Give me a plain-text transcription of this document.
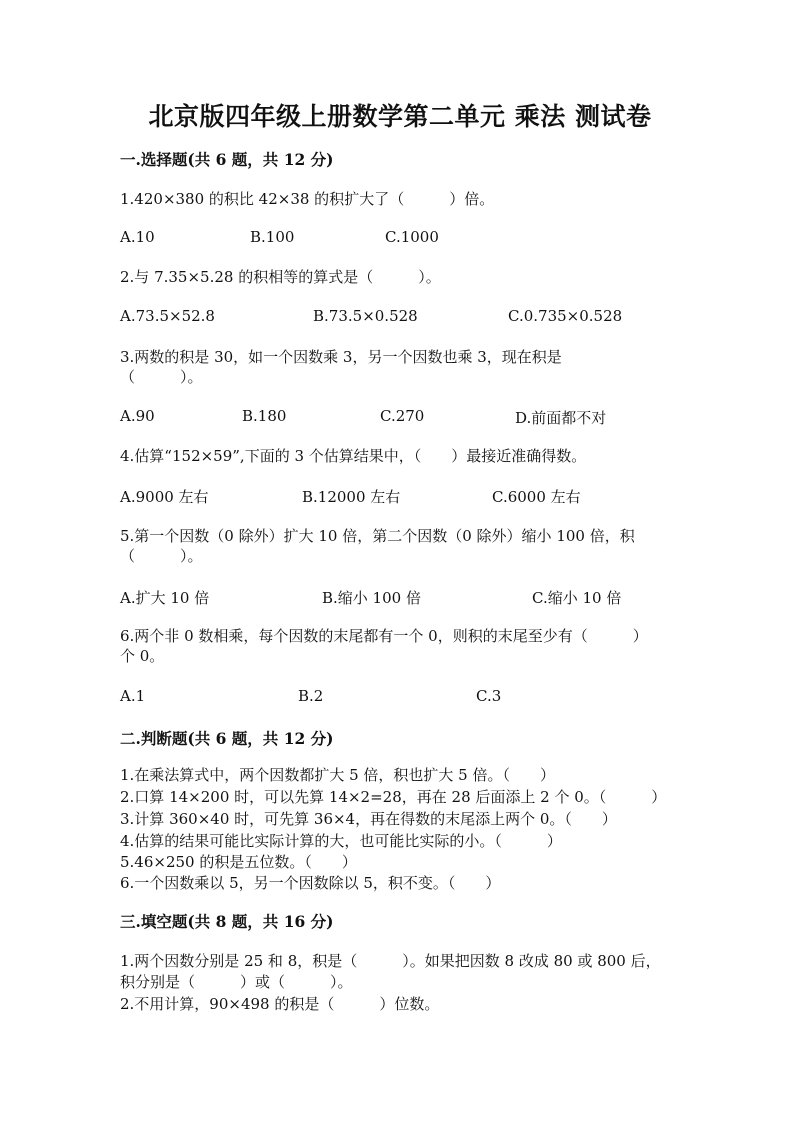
北京版四年级上册数学第二单元 乘法 测试卷
一.选择题(共 6 题，共 12 分)
1.420×380 的积比 42×38 的积扩大了（　　　）倍。
A.10	B.100	C.1000
2.与 7.35×5.28 的积相等的算式是（　　　）。
A.73.5×52.8	B.73.5×0.528	C.0.735×0.528
3.两数的积是 30，如一个因数乘 3，另一个因数也乘 3，现在积是
（　　　）。
A.90	B.180	C.270	D.前面都不对
4.估算“152×59”,下面的 3 个估算结果中，（　　）最接近准确得数。
A.9000 左右	B.12000 左右	C.6000 左右
5.第一个因数（0 除外）扩大 10 倍，第二个因数（0 除外）缩小 100 倍，积
（　　　）。
A.扩大 10 倍	B.缩小 100 倍	C.缩小 10 倍
6.两个非 0 数相乘，每个因数的末尾都有一个 0，则积的末尾至少有（　　　）
个 0。
A.1	B.2	C.3
二.判断题(共 6 题，共 12 分)
1.在乘法算式中，两个因数都扩大 5 倍，积也扩大 5 倍。（　　）
2.口算 14×200 时，可以先算 14×2=28，再在 28 后面添上 2 个 0。（　　　）
3.计算 360×40 时，可先算 36×4，再在得数的末尾添上两个 0。（　　）
4.估算的结果可能比实际计算的大，也可能比实际的小。（　　　）
5.46×250 的积是五位数。（　　）
6.一个因数乘以 5，另一个因数除以 5，积不变。（　　）
三.填空题(共 8 题，共 16 分)
1.两个因数分别是 25 和 8，积是（　　　）。如果把因数 8 改成 80 或 800 后，
积分别是（　　　）或（　　　）。
2.不用计算，90×498 的积是（　　　）位数。
